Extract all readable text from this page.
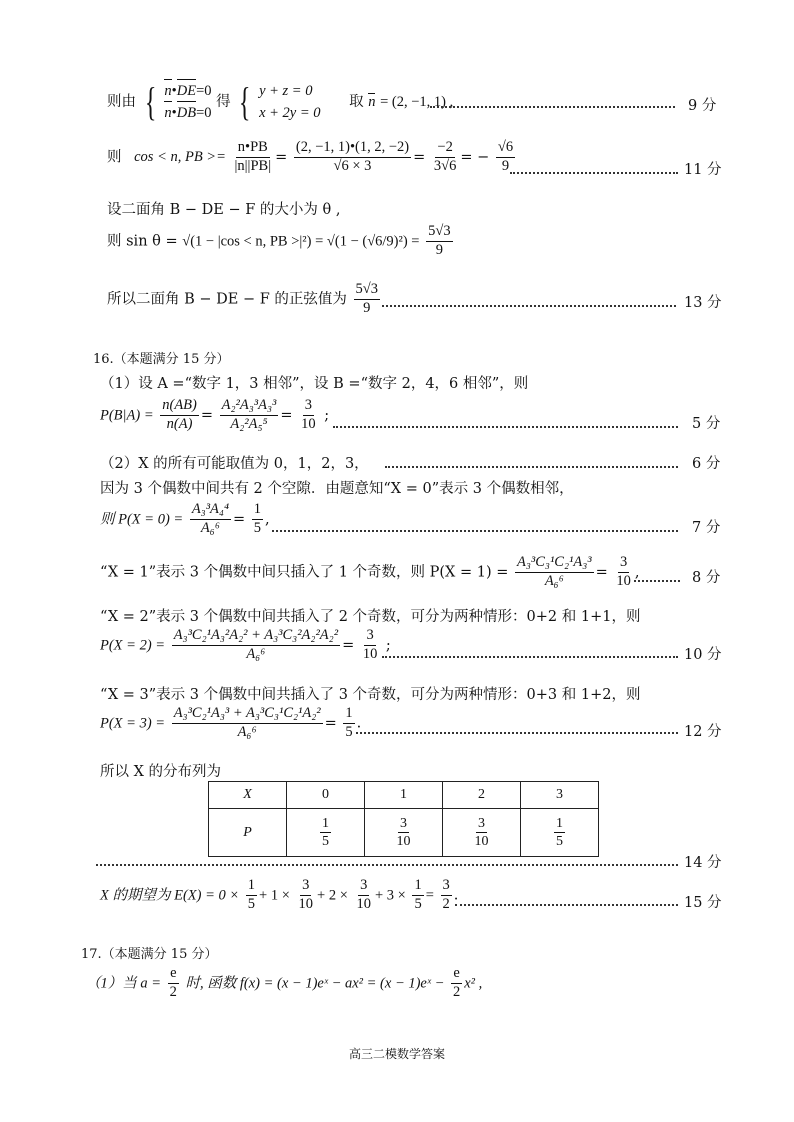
则由 { n•DE=0
n•DB=0
得 { y + z = 0
x + 2y = 0
取 n = (2, −1, 1) ,	9 分
则 cos < n, PB >= $\frac{n•PB}{|n||PB|} = \frac{(2, -1, 1)•(1, 2, -2)}{√6 \times 3} = \frac{-2}{3√6}$ = − $\frac{√6}{9}$	11 分
设二面角 B − DE − F 的大小为 θ ,
则 sin θ = √(1 − |cos < n, PB $>|^2) = √(1 - (√6/9)^2) = \frac{5√3}{9}$
所以二面角 B − DE − F 的正弦值为 $\frac{5√3}{9}$	13 分
16.（本题满分 15 分）
（1）设 A =“数字 1，3 相邻”，设 B =“数字 2，4，6 相邻”，则
$P(B|A) = \frac{n(AB)}{n(A)} = \frac{\text{A₂²A₃³A₃³}}{\text{A₂²A₅⁵}} = \frac{3}{10}$ ;
5 分
（2）X 的所有可能取值为 0，1，2，3，	6 分
因为 3 个偶数中间共有 2 个空隙．由题意知“X = 0”表示 3 个偶数相邻，
则 $P(X = 0) = \frac{\text{A₃³A₄⁴}}{\text{A₆⁶}} = \frac{1}{5}$ ,
7 分
“X = 1”表示 3 个偶数中间只插入了 1 个奇数，则 $P(X = 1) = \frac{\text{A₃³C₃¹C₂¹A₃³}}{\text{A₆⁶}} = \frac{3}{10}$ ,	8 分
“X = 2”表示 3 个偶数中间共插入了 2 个奇数，可分为两种情形：0+2 和 1+1，则
$P(X = 2) = \frac{\text{A₃³C₂¹A₃²A₂² + A₃³C₃²A₂²A₂²}}{\text{A₆⁶}} = \frac{3}{10}$ ;
10 分
“X = 3”表示 3 个偶数中间共插入了 3 个奇数，可分为两种情形：0+3 和 1+2，则
$P(X = 3) = \frac{\text{A₃³C₂¹A₃³ + A₃³C₃¹C₂¹A₂²}}{\text{A₆⁶}} = \frac{1}{5}$ .
12 分
所以 X 的分布列为
X	0	1	2	3
P	$\frac{1}{5}$	$\frac{3}{10}$	$\frac{3}{10}$	$\frac{1}{5}$
14 分
X 的期望为 $E(X) = 0 \times \frac{1}{5} + 1 \times \frac{3}{10} + 2 \times \frac{3}{10} + 3 \times \frac{1}{5} = \frac{3}{2}$ .	15 分
17.（本题满分 15 分）
（1）当 $a = \frac{e}{2}$ 时, 函数 f(x) = (x − 1)eˣ − ax² = (x − 1)eˣ − $\frac{e}{2} x^2$ ,
高三二模数学答案
